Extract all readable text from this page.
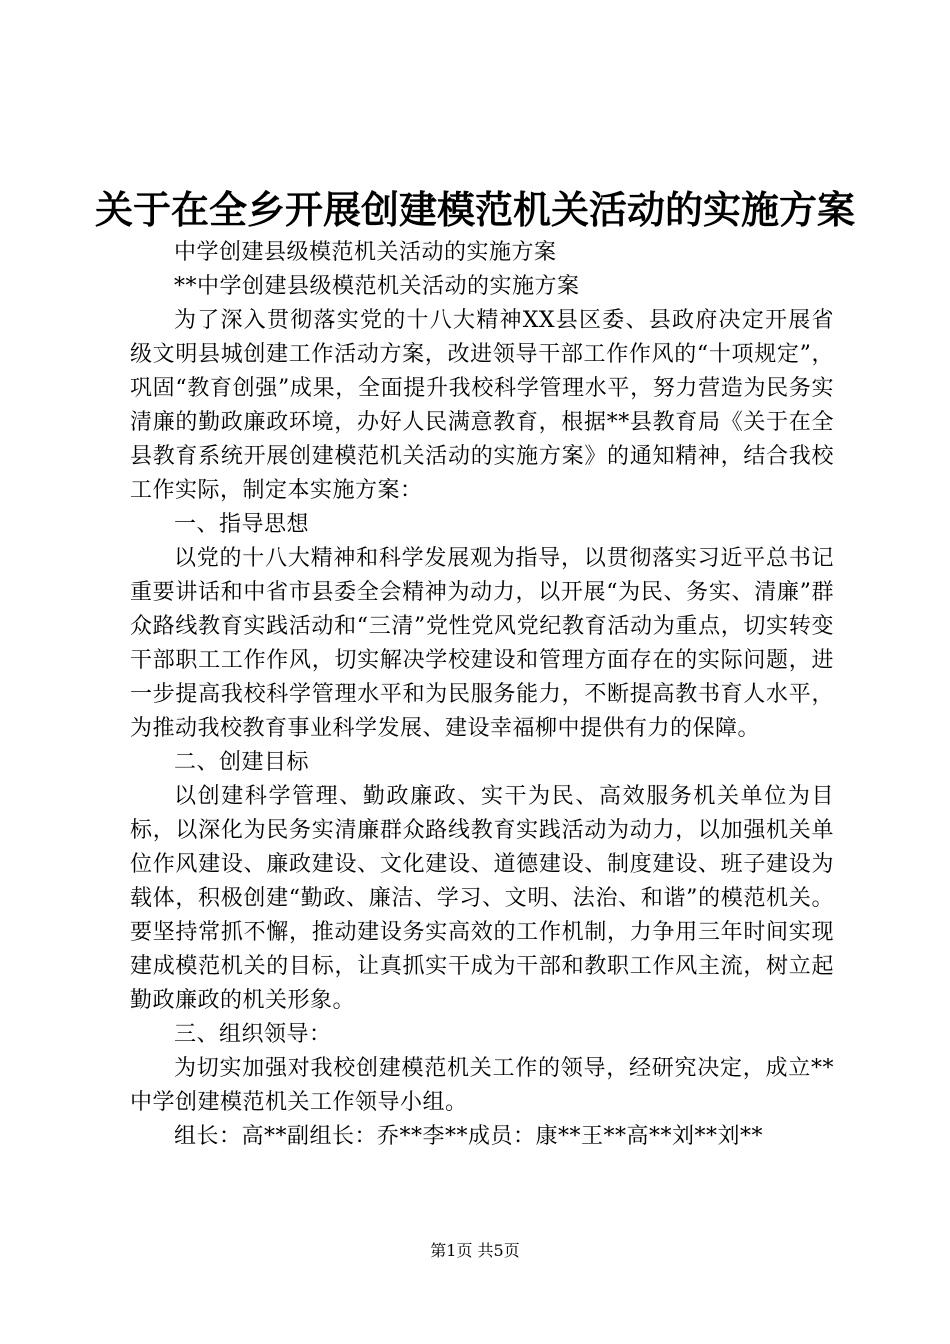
关于在全乡开展创建模范机关活动的实施方案

中学创建县级模范机关活动的实施方案

**中学创建县级模范机关活动的实施方案

为了深入贯彻落实党的十八大精神XX县区委、县政府决定开展省级文明县城创建工作活动方案，改进领导干部工作作风的“十项规定”，巩固“教育创强”成果，全面提升我校科学管理水平，努力营造为民务实清廉的勤政廉政环境，办好人民满意教育，根据**县教育局《关于在全县教育系统开展创建模范机关活动的实施方案》的通知精神，结合我校工作实际，制定本实施方案：

一、指导思想

以党的十八大精神和科学发展观为指导，以贯彻落实习近平总书记重要讲话和中省市县委全会精神为动力，以开展“为民、务实、清廉”群众路线教育实践活动和“三清”党性党风党纪教育活动为重点，切实转变干部职工工作作风，切实解决学校建设和管理方面存在的实际问题，进一步提高我校科学管理水平和为民服务能力，不断提高教书育人水平，为推动我校教育事业科学发展、建设幸福柳中提供有力的保障。

二、创建目标

以创建科学管理、勤政廉政、实干为民、高效服务机关单位为目标，以深化为民务实清廉群众路线教育实践活动为动力，以加强机关单位作风建设、廉政建设、文化建设、道德建设、制度建设、班子建设为载体，积极创建“勤政、廉洁、学习、文明、法治、和谐”的模范机关。要坚持常抓不懈，推动建设务实高效的工作机制，力争用三年时间实现建成模范机关的目标，让真抓实干成为干部和教职工作风主流，树立起勤政廉政的机关形象。

三、组织领导：

为切实加强对我校创建模范机关工作的领导，经研究决定，成立**中学创建模范机关工作领导小组。

组长：高**副组长：乔**李**成员：康**王**高**刘**刘**

第1页 共5页
